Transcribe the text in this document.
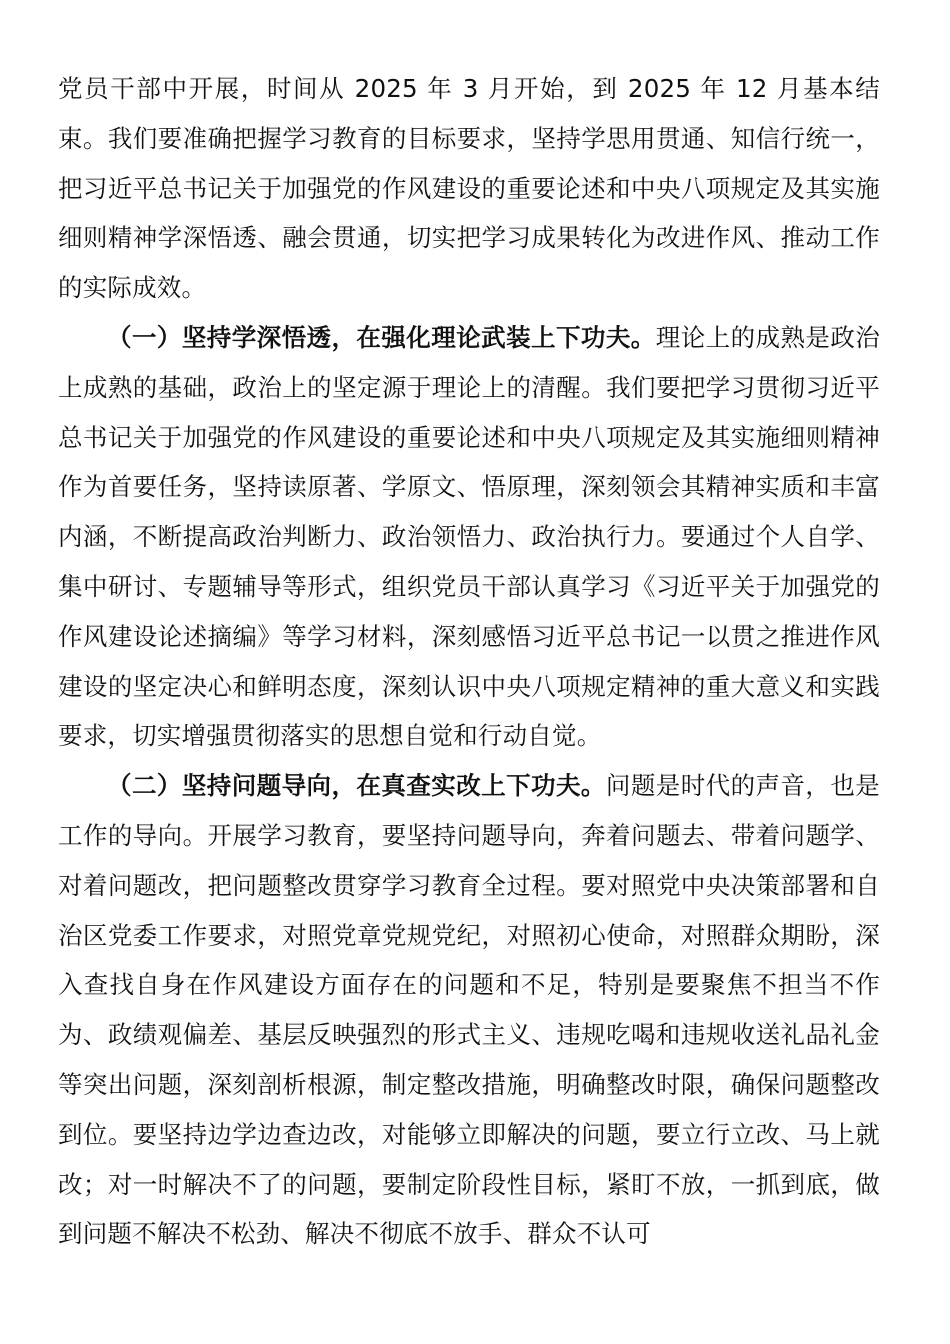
党员干部中开展，时间从 2025 年 3 月开始，到 2025 年 12 月基本结束。我们要准确把握学习教育的目标要求，坚持学思用贯通、知信行统一，把习近平总书记关于加强党的作风建设的重要论述和中央八项规定及其实施细则精神学深悟透、融会贯通，切实把学习成果转化为改进作风、推动工作的实际成效。

（一）坚持学深悟透，在强化理论武装上下功夫。理论上的成熟是政治上成熟的基础，政治上的坚定源于理论上的清醒。我们要把学习贯彻习近平总书记关于加强党的作风建设的重要论述和中央八项规定及其实施细则精神作为首要任务，坚持读原著、学原文、悟原理，深刻领会其精神实质和丰富内涵，不断提高政治判断力、政治领悟力、政治执行力。要通过个人自学、集中研讨、专题辅导等形式，组织党员干部认真学习《习近平关于加强党的作风建设论述摘编》等学习材料，深刻感悟习近平总书记一以贯之推进作风建设的坚定决心和鲜明态度，深刻认识中央八项规定精神的重大意义和实践要求，切实增强贯彻落实的思想自觉和行动自觉。

（二）坚持问题导向，在真查实改上下功夫。问题是时代的声音，也是工作的导向。开展学习教育，要坚持问题导向，奔着问题去、带着问题学、对着问题改，把问题整改贯穿学习教育全过程。要对照党中央决策部署和自治区党委工作要求，对照党章党规党纪，对照初心使命，对照群众期盼，深入查找自身在作风建设方面存在的问题和不足，特别是要聚焦不担当不作为、政绩观偏差、基层反映强烈的形式主义、违规吃喝和违规收送礼品礼金等突出问题，深刻剖析根源，制定整改措施，明确整改时限，确保问题整改到位。要坚持边学边查边改，对能够立即解决的问题，要立行立改、马上就改；对一时解决不了的问题，要制定阶段性目标，紧盯不放，一抓到底，做到问题不解决不松劲、解决不彻底不放手、群众不认可
